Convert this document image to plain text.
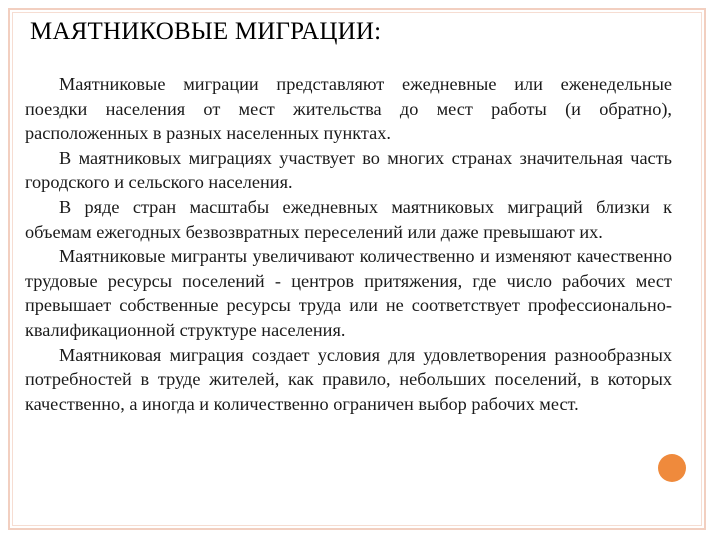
МАЯТНИКОВЫЕ МИГРАЦИИ:

Маятниковые миграции представляют ежедневные или еженедельные поездки населения от мест жительства до мест работы (и обратно), расположенных в разных населенных пунктах.

В маятниковых миграциях участвует во многих странах значительная часть городского и сельского населения.

В ряде стран масштабы ежедневных маятниковых миграций близки к объемам ежегодных безвозвратных переселений или даже превышают их.

Маятниковые мигранты увеличивают количественно и изменяют качественно трудовые ресурсы поселений - центров притяжения, где число рабочих мест превышает собственные ресурсы труда или не соответствует профессионально- квалификационной структуре населения.

Маятниковая миграция создает условия для удовлетворения разнообразных потребностей в труде жителей, как правило, небольших поселений, в которых качественно, а иногда и количественно ограничен выбор рабочих мест.
